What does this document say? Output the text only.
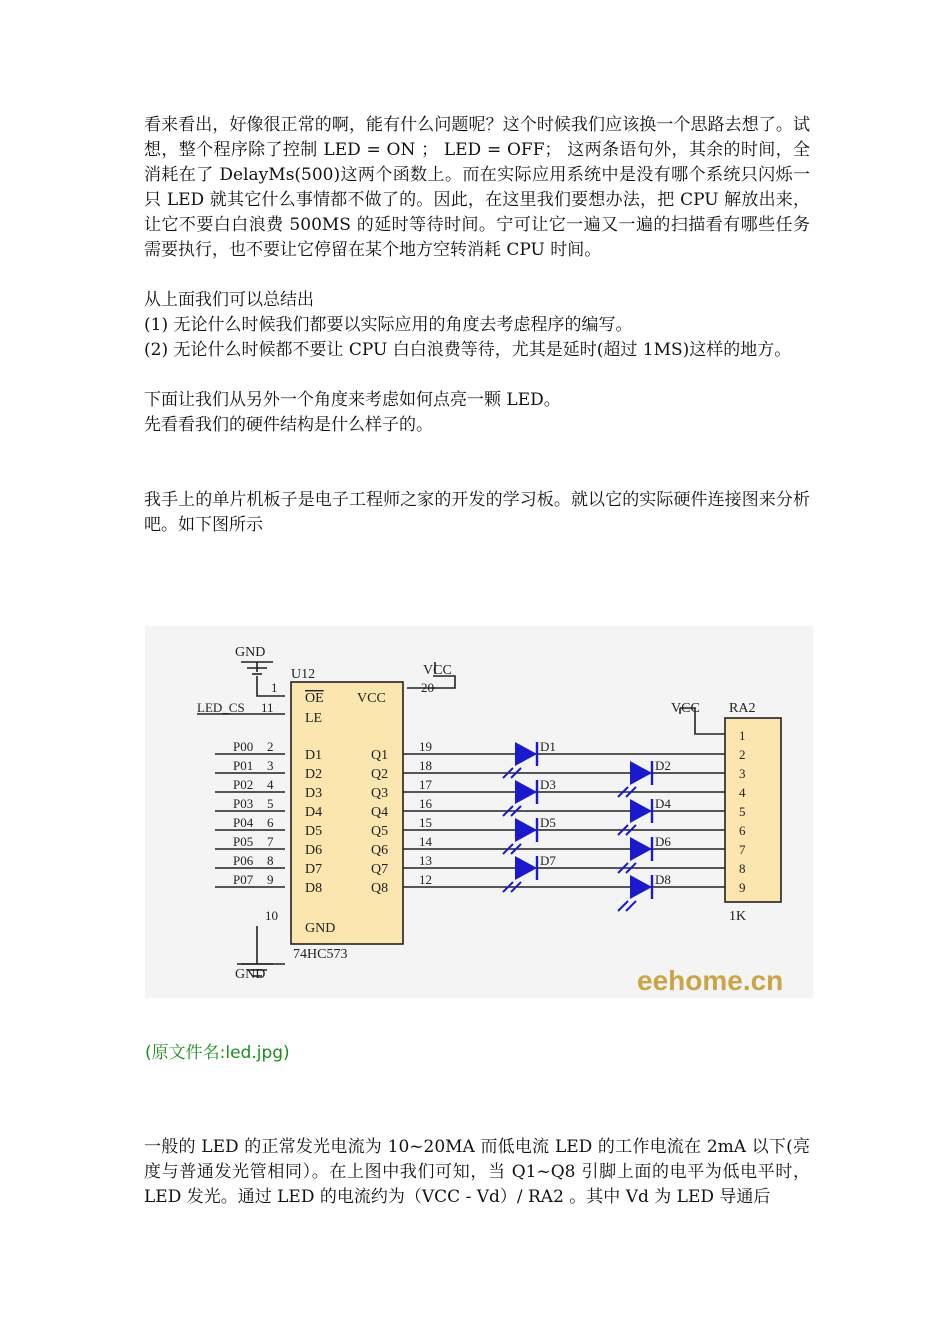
看来看出，好像很正常的啊，能有什么问题呢？这个时候我们应该换一个思路去想了。试想，整个程序除了控制 LED = ON ； LED = OFF； 这两条语句外，其余的时间，全消耗在了 DelayMs(500)这两个函数上。而在实际应用系统中是没有哪个系统只闪烁一只 LED 就其它什么事情都不做了的。因此，在这里我们要想办法，把 CPU 解放出来，让它不要白白浪费 500MS 的延时等待时间。宁可让它一遍又一遍的扫描看有哪些任务需要执行，也不要让它停留在某个地方空转消耗 CPU 时间。

从上面我们可以总结出

(1) 无论什么时候我们都要以实际应用的角度去考虑程序的编写。

(2) 无论什么时候都不要让 CPU 白白浪费等待，尤其是延时(超过 1MS)这样的地方。

下面让我们从另外一个角度来考虑如何点亮一颗 LED。

先看看我们的硬件结构是什么样子的。

我手上的单片机板子是电子工程师之家的开发的学习板。就以它的实际硬件连接图来分析吧。如下图所示

GND
U12	VCC
1	20
OE VCC
LED_CS 11
LE
10
GND
74HC573
GND
VCC RA2
1K
eehome.cn
P00 2
D1
P01 3
D2
P02 4
D3
P03 5
D4
P04 6
D5
P05 7
D6
P06 8
D7
P07 9
D8
Q1
19
Q2
18
Q3
17
Q4
16
Q5
15
Q6
14
Q7
13
Q8
12
1
2
3
4
5
6
7
8
9
D1
D2
D3
D4
D5
D6
D7
D8
(原文件名:led.jpg)

一般的 LED 的正常发光电流为 10~20MA 而低电流 LED 的工作电流在 2mA 以下(亮度与普通发光管相同）。在上图中我们可知，当 Q1~Q8 引脚上面的电平为低电平时，LED 发光。通过 LED 的电流约为（VCC - Vd）/ RA2 。其中 Vd 为 LED 导通后
